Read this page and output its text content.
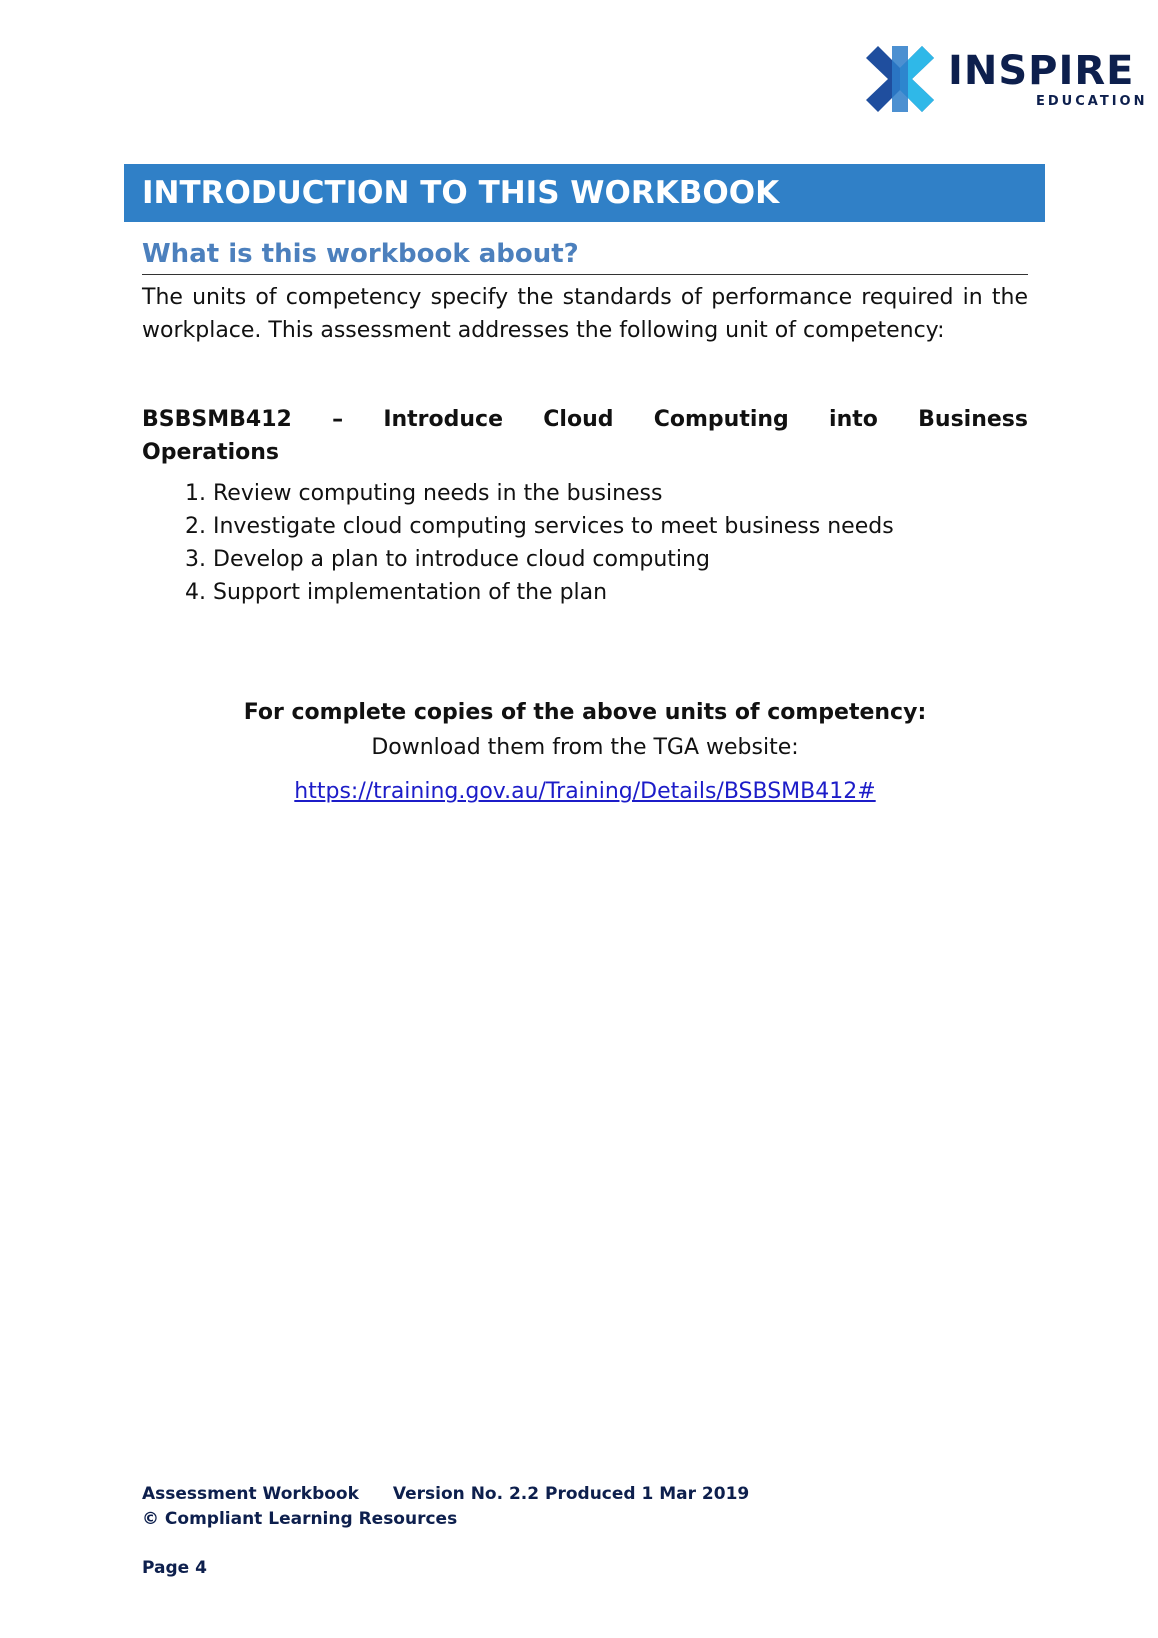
INSPIRE
EDUCATION
INTRODUCTION TO THIS WORKBOOK
What is this workbook about?

The units of competency specify the standards of performance required in the workplace. This assessment addresses the following unit of competency:

BSBSMB412 – Introduce Cloud Computing into Business
Operations
1. Review computing needs in the business
2. Investigate cloud computing services to meet business needs
3. Develop a plan to introduce cloud computing
4. Support implementation of the plan
For complete copies of the above units of competency:
Download them from the TGA website:
https://training.gov.au/Training/Details/BSBSMB412#
Assessment Workbook Version No. 2.2 Produced 1 Mar 2019
© Compliant Learning Resources
Page 4
